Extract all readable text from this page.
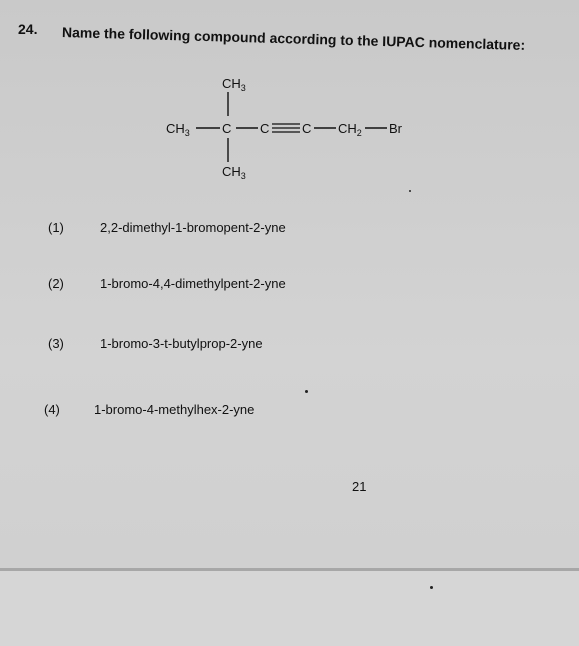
24. Name the following compound according to the IUPAC nomenclature:
$CH_3$
$CH_3$ C C	C $CH_2$ Br
$CH_3$
(1)	2,2-dimethyl-1-bromopent-2-yne
(2)	1-bromo-4,4-dimethylpent-2-yne
(3)	1-bromo-3-t-butylprop-2-yne
(4)	1-bromo-4-methylhex-2-yne
21
